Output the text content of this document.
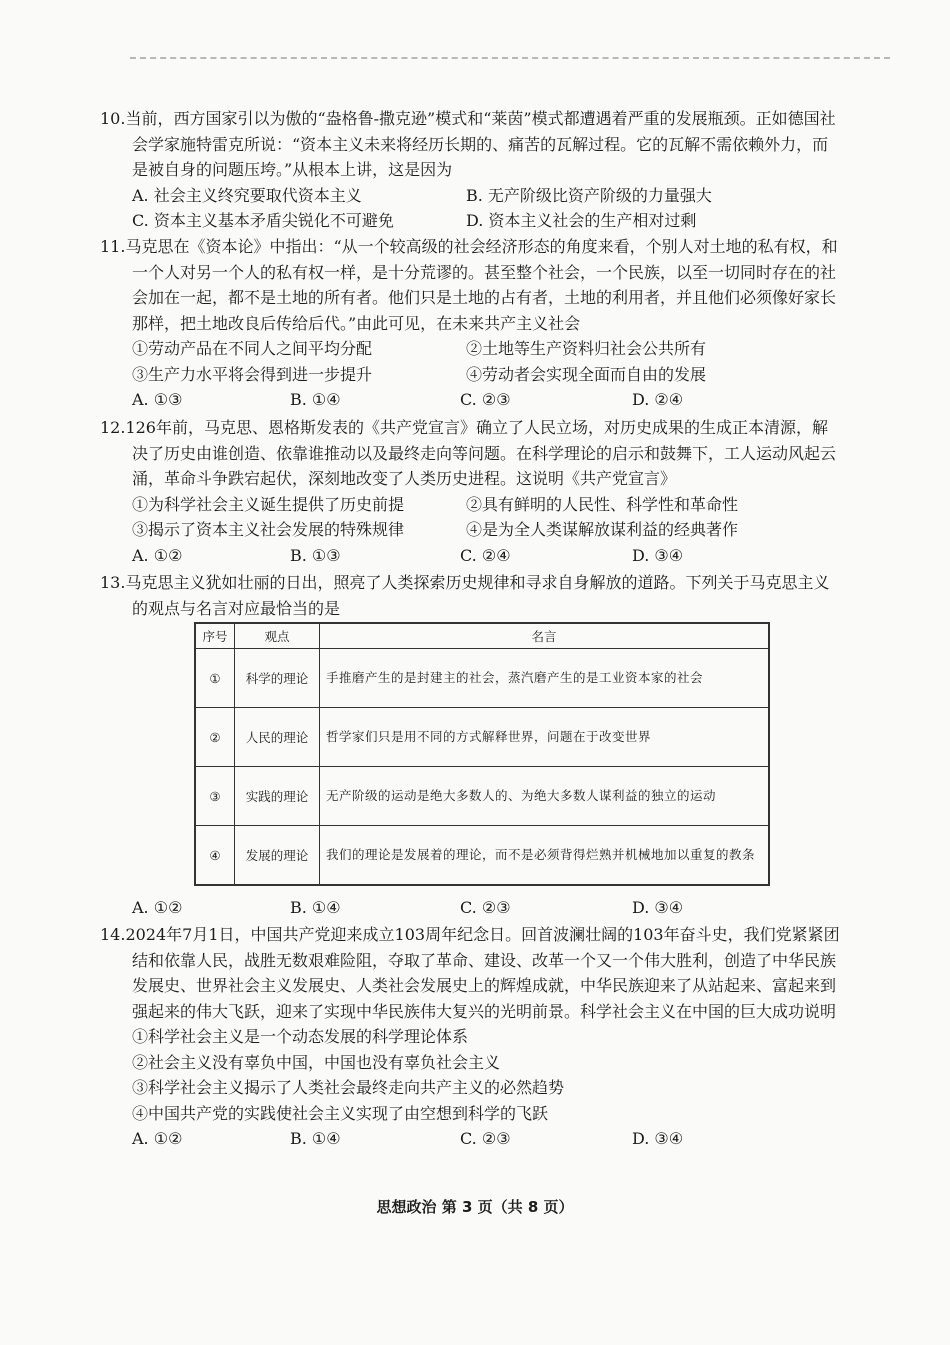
10.当前，西方国家引以为傲的“盎格鲁-撒克逊”模式和“莱茵”模式都遭遇着严重的发展瓶颈。正如德国社会学家施特雷克所说：“资本主义未来将经历长期的、痛苦的瓦解过程。它的瓦解不需依赖外力，而是被自身的问题压垮。”从根本上讲，这是因为

A. 社会主义终究要取代资本主义	B. 无产阶级比资产阶级的力量强大
C. 资本主义基本矛盾尖锐化不可避免	D. 资本主义社会的生产相对过剩

11.马克思在《资本论》中指出：“从一个较高级的社会经济形态的角度来看，个别人对土地的私有权，和一个人对另一个人的私有权一样，是十分荒谬的。甚至整个社会，一个民族，以至一切同时存在的社会加在一起，都不是土地的所有者。他们只是土地的占有者，土地的利用者，并且他们必须像好家长那样，把土地改良后传给后代。”由此可见，在未来共产主义社会

①劳动产品在不同人之间平均分配	②土地等生产资料归社会公共所有
③生产力水平将会得到进一步提升	④劳动者会实现全面而自由的发展
A. ①③	B. ①④	C. ②③	D. ②④

12.126年前，马克思、恩格斯发表的《共产党宣言》确立了人民立场，对历史成果的生成正本清源，解决了历史由谁创造、依靠谁推动以及最终走向等问题。在科学理论的启示和鼓舞下，工人运动风起云涌，革命斗争跌宕起伏，深刻地改变了人类历史进程。这说明《共产党宣言》

①为科学社会主义诞生提供了历史前提	②具有鲜明的人民性、科学性和革命性
③揭示了资本主义社会发展的特殊规律	④是为全人类谋解放谋利益的经典著作
A. ①②	B. ①③	C. ②④	D. ③④

13.马克思主义犹如壮丽的日出，照亮了人类探索历史规律和寻求自身解放的道路。下列关于马克思主义的观点与名言对应最恰当的是

序号	观点	名言
①	科学的理论	手推磨产生的是封建主的社会，蒸汽磨产生的是工业资本家的社会
②	人民的理论	哲学家们只是用不同的方式解释世界，问题在于改变世界
③	实践的理论	无产阶级的运动是绝大多数人的、为绝大多数人谋利益的独立的运动
④	发展的理论	我们的理论是发展着的理论，而不是必须背得烂熟并机械地加以重复的教条
A. ①②	B. ①④	C. ②③	D. ③④

14.2024年7月1日，中国共产党迎来成立103周年纪念日。回首波澜壮阔的103年奋斗史，我们党紧紧团结和依靠人民，战胜无数艰难险阻，夺取了革命、建设、改革一个又一个伟大胜利，创造了中华民族发展史、世界社会主义发展史、人类社会发展史上的辉煌成就，中华民族迎来了从站起来、富起来到强起来的伟大飞跃，迎来了实现中华民族伟大复兴的光明前景。科学社会主义在中国的巨大成功说明

①科学社会主义是一个动态发展的科学理论体系
②社会主义没有辜负中国，中国也没有辜负社会主义
③科学社会主义揭示了人类社会最终走向共产主义的必然趋势
④中国共产党的实践使社会主义实现了由空想到科学的飞跃
A. ①②	B. ①④	C. ②③	D. ③④
思想政治 第 3 页（共 8 页）
